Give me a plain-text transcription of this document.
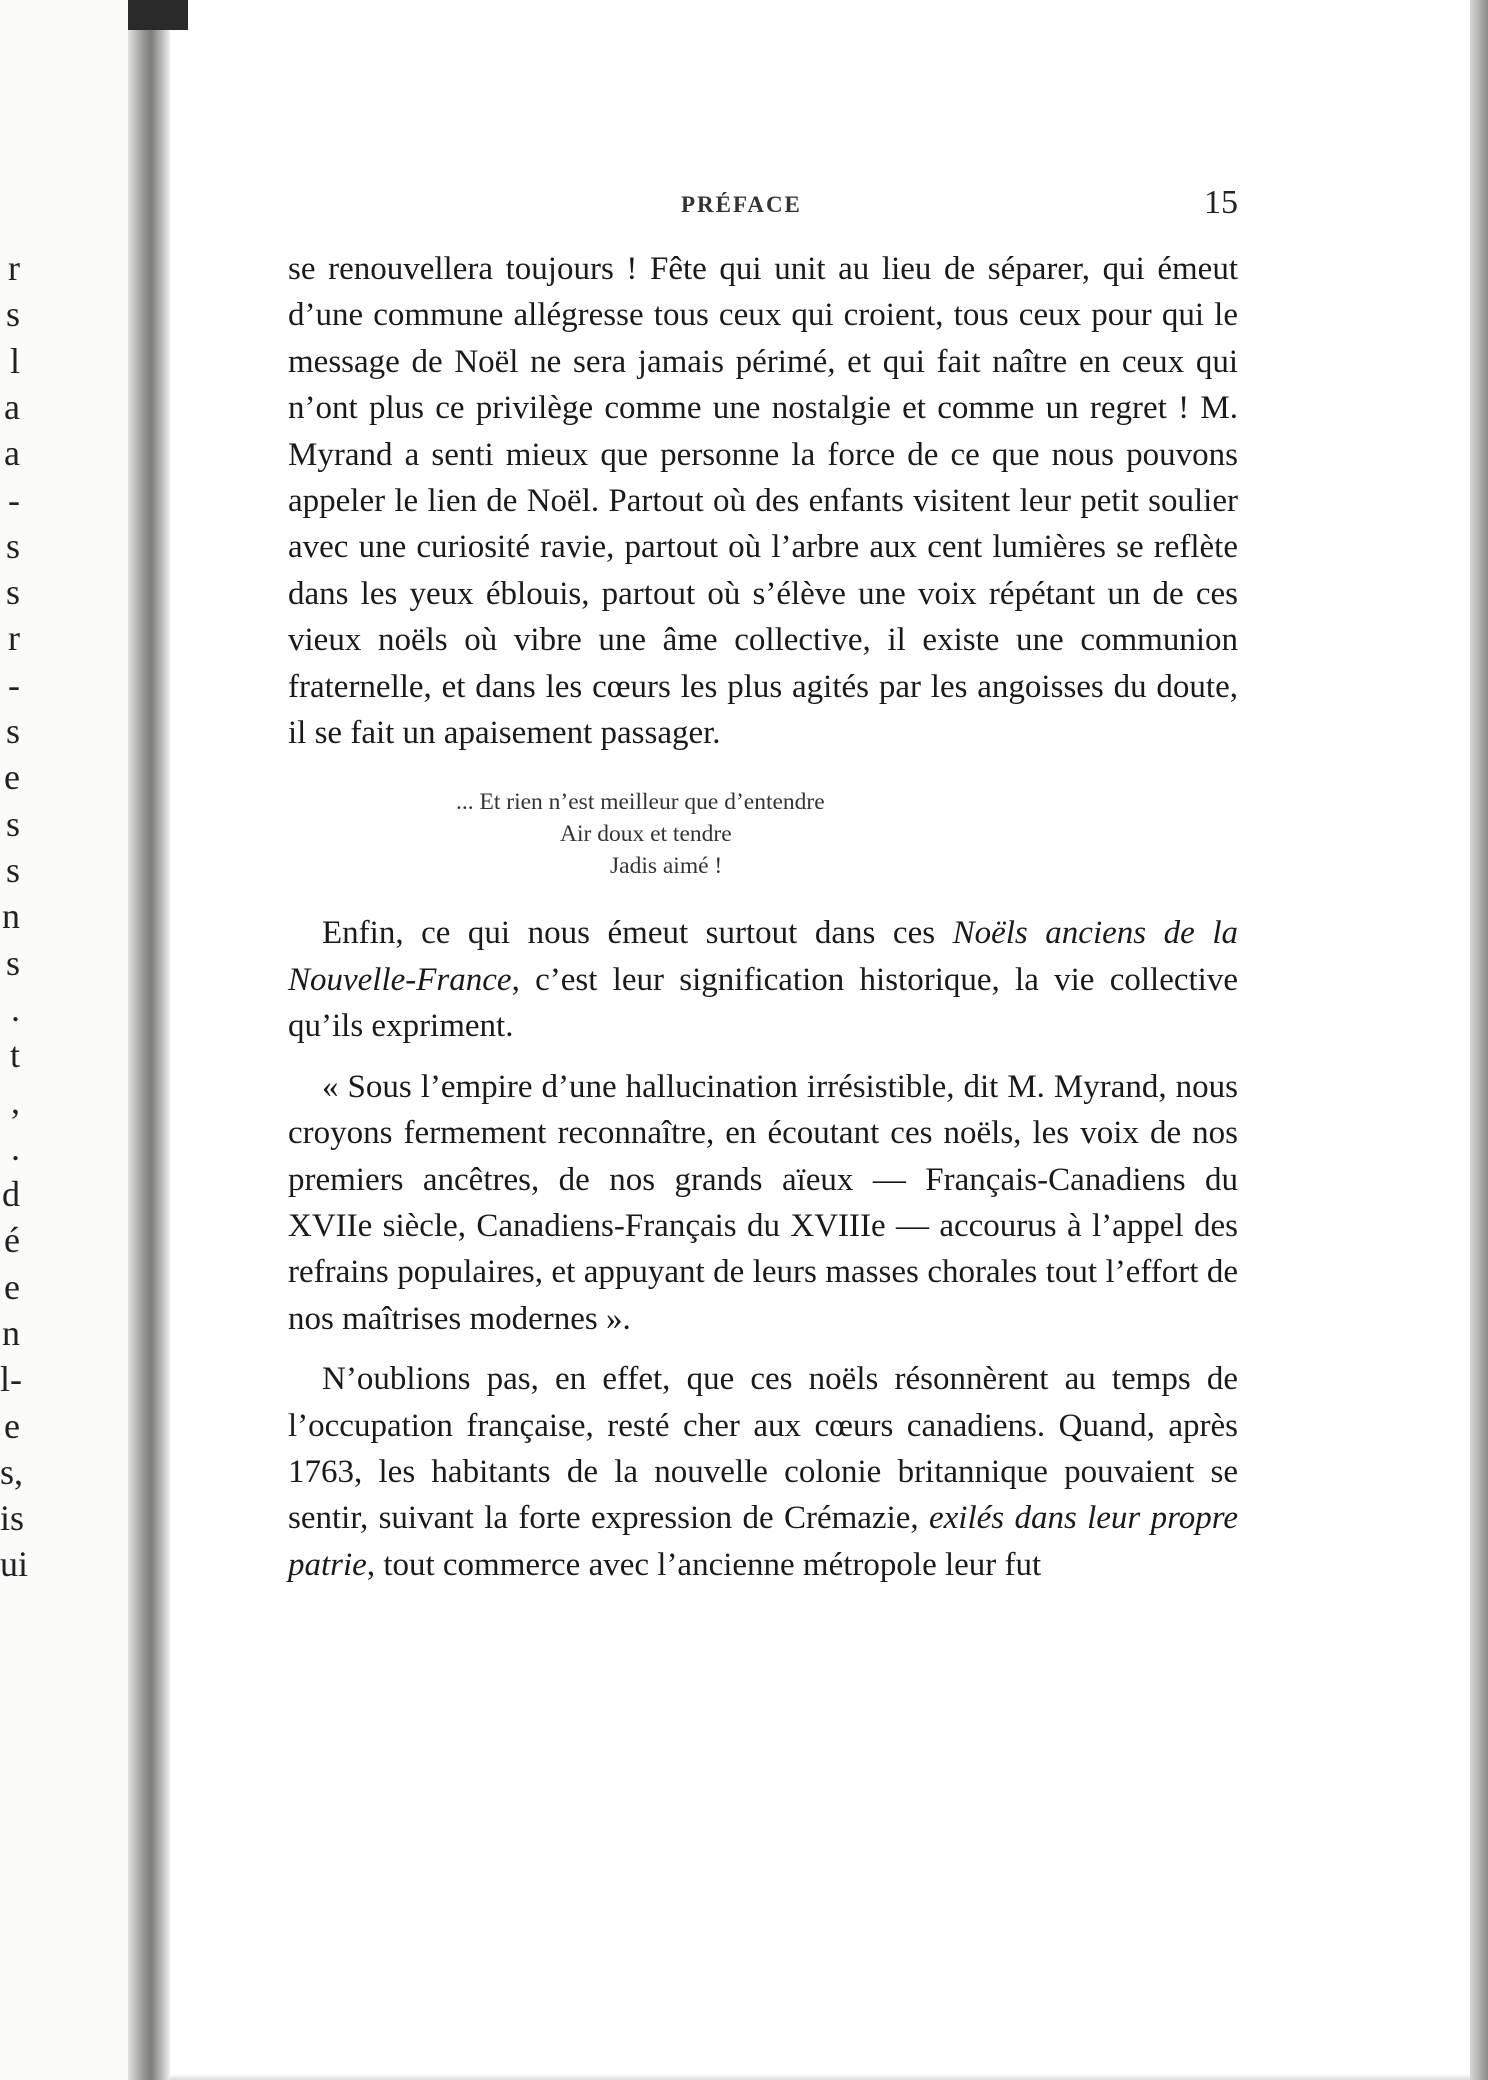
r
s
l
a
a
-
s
s
r
-
s
e
s
s
n
s
.
t
,
.
d
é
e
n
l-
e
s,
is
ui
PRÉFACE	15

se renouvellera toujours ! Fête qui unit au lieu de séparer, qui émeut d’une commune allégresse tous ceux qui croient, tous ceux pour qui le message de Noël ne sera jamais périmé, et qui fait naître en ceux qui n’ont plus ce privilège comme une nostalgie et comme un regret ! M. Myrand a senti mieux que personne la force de ce que nous pouvons appeler le lien de Noël. Partout où des enfants visitent leur petit soulier avec une curiosité ravie, partout où l’arbre aux cent lumières se reflète dans les yeux éblouis, partout où s’élève une voix répétant un de ces vieux noëls où vibre une âme collective, il existe une communion fraternelle, et dans les cœurs les plus agités par les angoisses du doute, il se fait un apaisement passager.

... Et rien n’est meilleur que d’entendre
Air doux et tendre
Jadis aimé !

Enfin, ce qui nous émeut surtout dans ces Noëls anciens de la Nouvelle-France, c’est leur signification historique, la vie collective qu’ils expriment.

« Sous l’empire d’une hallucination irrésistible, dit M. Myrand, nous croyons fermement reconnaître, en écoutant ces noëls, les voix de nos premiers ancêtres, de nos grands aïeux — Français-Canadiens du XVIIe siècle, Canadiens-Français du XVIIIe — accourus à l’appel des refrains populaires, et appuyant de leurs masses chorales tout l’effort de nos maîtrises modernes ».

N’oublions pas, en effet, que ces noëls résonnèrent au temps de l’occupation française, resté cher aux cœurs canadiens. Quand, après 1763, les habitants de la nouvelle colonie britannique pouvaient se sentir, suivant la forte expression de Crémazie, exilés dans leur propre patrie, tout commerce avec l’ancienne métropole leur fut
